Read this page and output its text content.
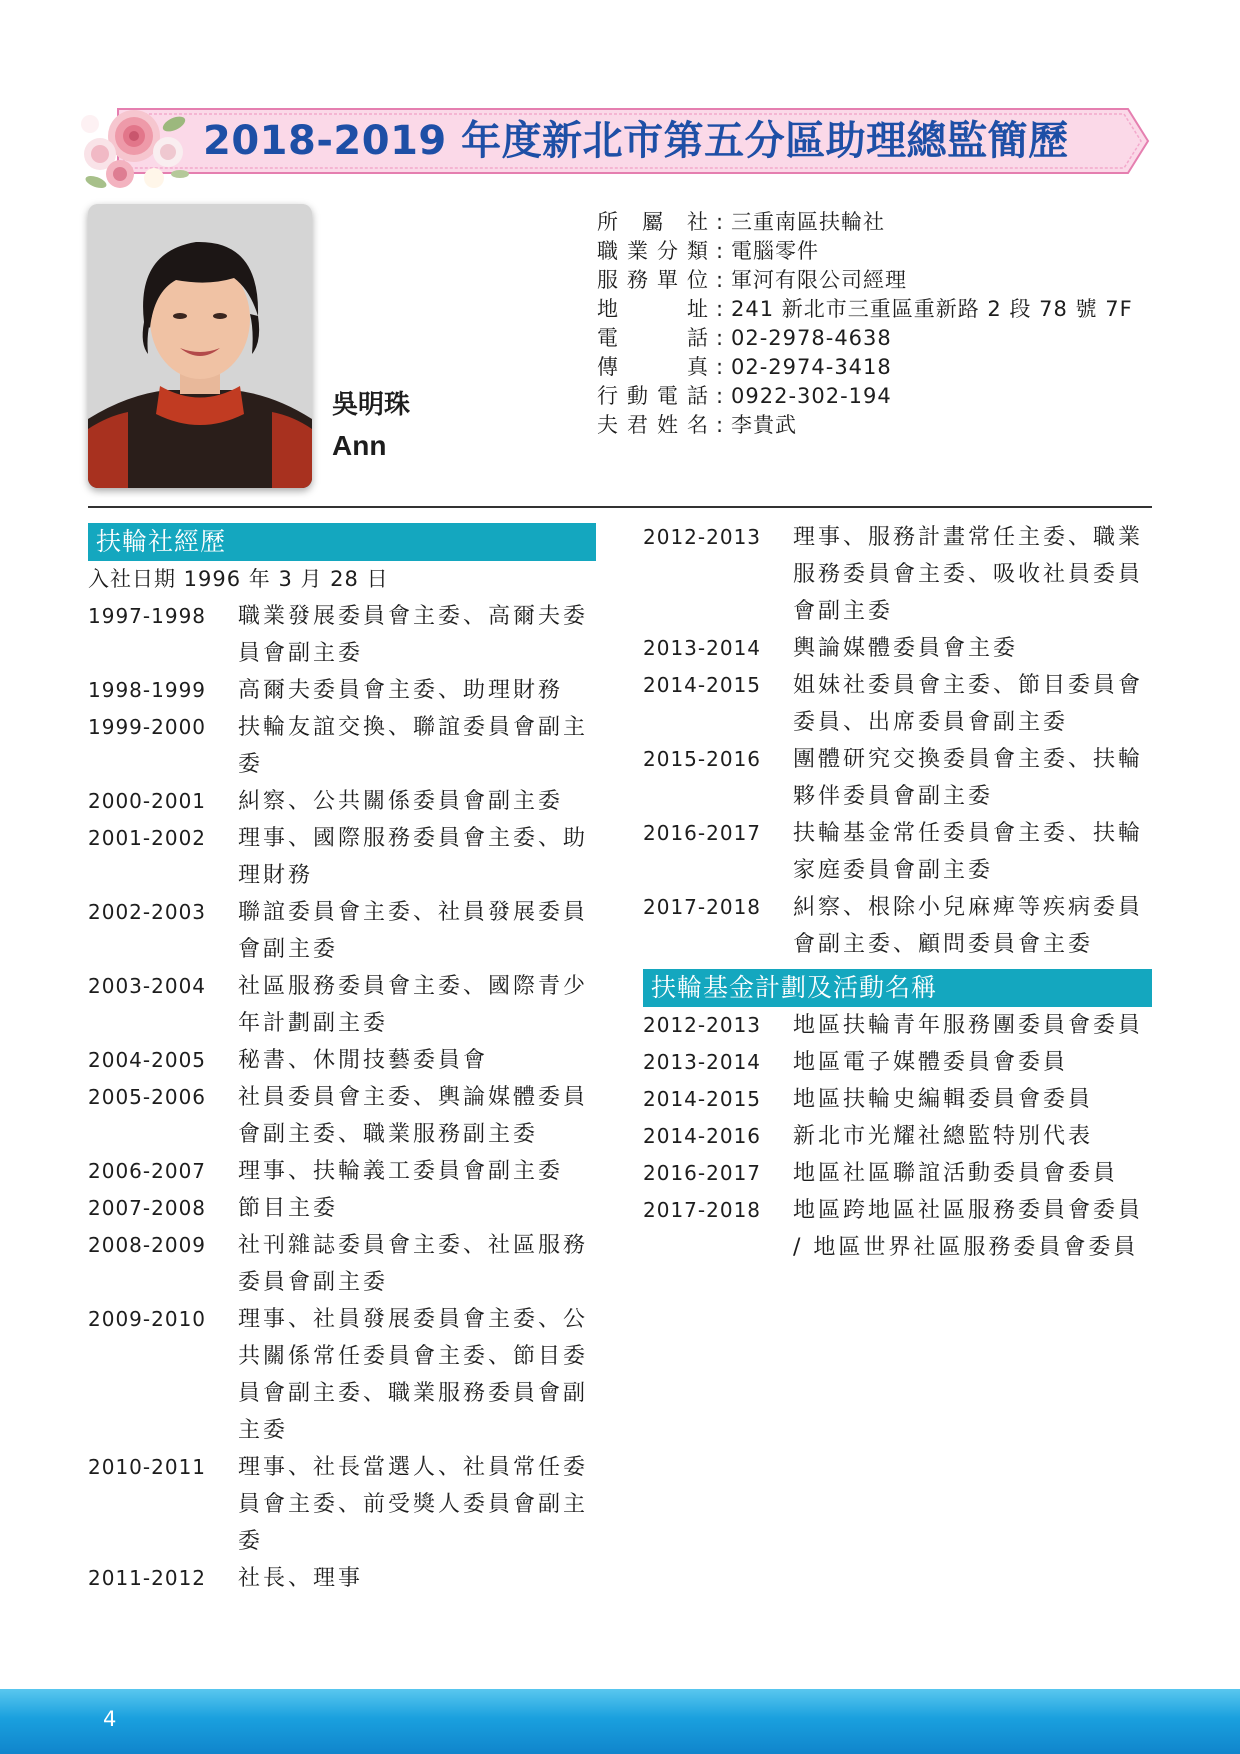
2018-2019 年度新北市第五分區助理總監簡歷
吳明珠
Ann
所屬社 : 三重南區扶輪社
職業分類 : 電腦零件
服務單位 : 軍河有限公司經理
地址 : 241 新北市三重區重新路 2 段 78 號 7F
電話 : 02-2978-4638
傳真 : 02-2974-3418
行動電話 : 0922-302-194
夫君姓名 : 李貴武
扶輪社經歷
入社日期 1996 年 3 月 28 日
1997-1998	職業發展委員會主委、高爾夫委員會副主委
1998-1999	高爾夫委員會主委、助理財務
1999-2000	扶輪友誼交換、聯誼委員會副主委
2000-2001	糾察、公共關係委員會副主委
2001-2002	理事、國際服務委員會主委、助理財務
2002-2003	聯誼委員會主委、社員發展委員會副主委
2003-2004	社區服務委員會主委、國際青少年計劃副主委
2004-2005	秘書、休閒技藝委員會
2005-2006	社員委員會主委、輿論媒體委員會副主委、職業服務副主委
2006-2007	理事、扶輪義工委員會副主委
2007-2008	節目主委
2008-2009	社刊雜誌委員會主委、社區服務委員會副主委
2009-2010	理事、社員發展委員會主委、公共關係常任委員會主委、節目委員會副主委、職業服務委員會副主委
2010-2011	理事、社長當選人、社員常任委員會主委、前受獎人委員會副主委
2011-2012	社長、理事
2012-2013	理事、服務計畫常任主委、職業服務委員會主委、吸收社員委員會副主委
2013-2014	輿論媒體委員會主委
2014-2015	姐妹社委員會主委、節目委員會委員、出席委員會副主委
2015-2016	團體研究交換委員會主委、扶輪夥伴委員會副主委
2016-2017	扶輪基金常任委員會主委、扶輪家庭委員會副主委
2017-2018	糾察、根除小兒麻痺等疾病委員會副主委、顧問委員會主委
扶輪基金計劃及活動名稱
2012-2013	地區扶輪青年服務團委員會委員
2013-2014	地區電子媒體委員會委員
2014-2015	地區扶輪史編輯委員會委員
2014-2016	新北市光耀社總監特別代表
2016-2017	地區社區聯誼活動委員會委員
2017-2018	地區跨地區社區服務委員會委員 / 地區世界社區服務委員會委員
4
